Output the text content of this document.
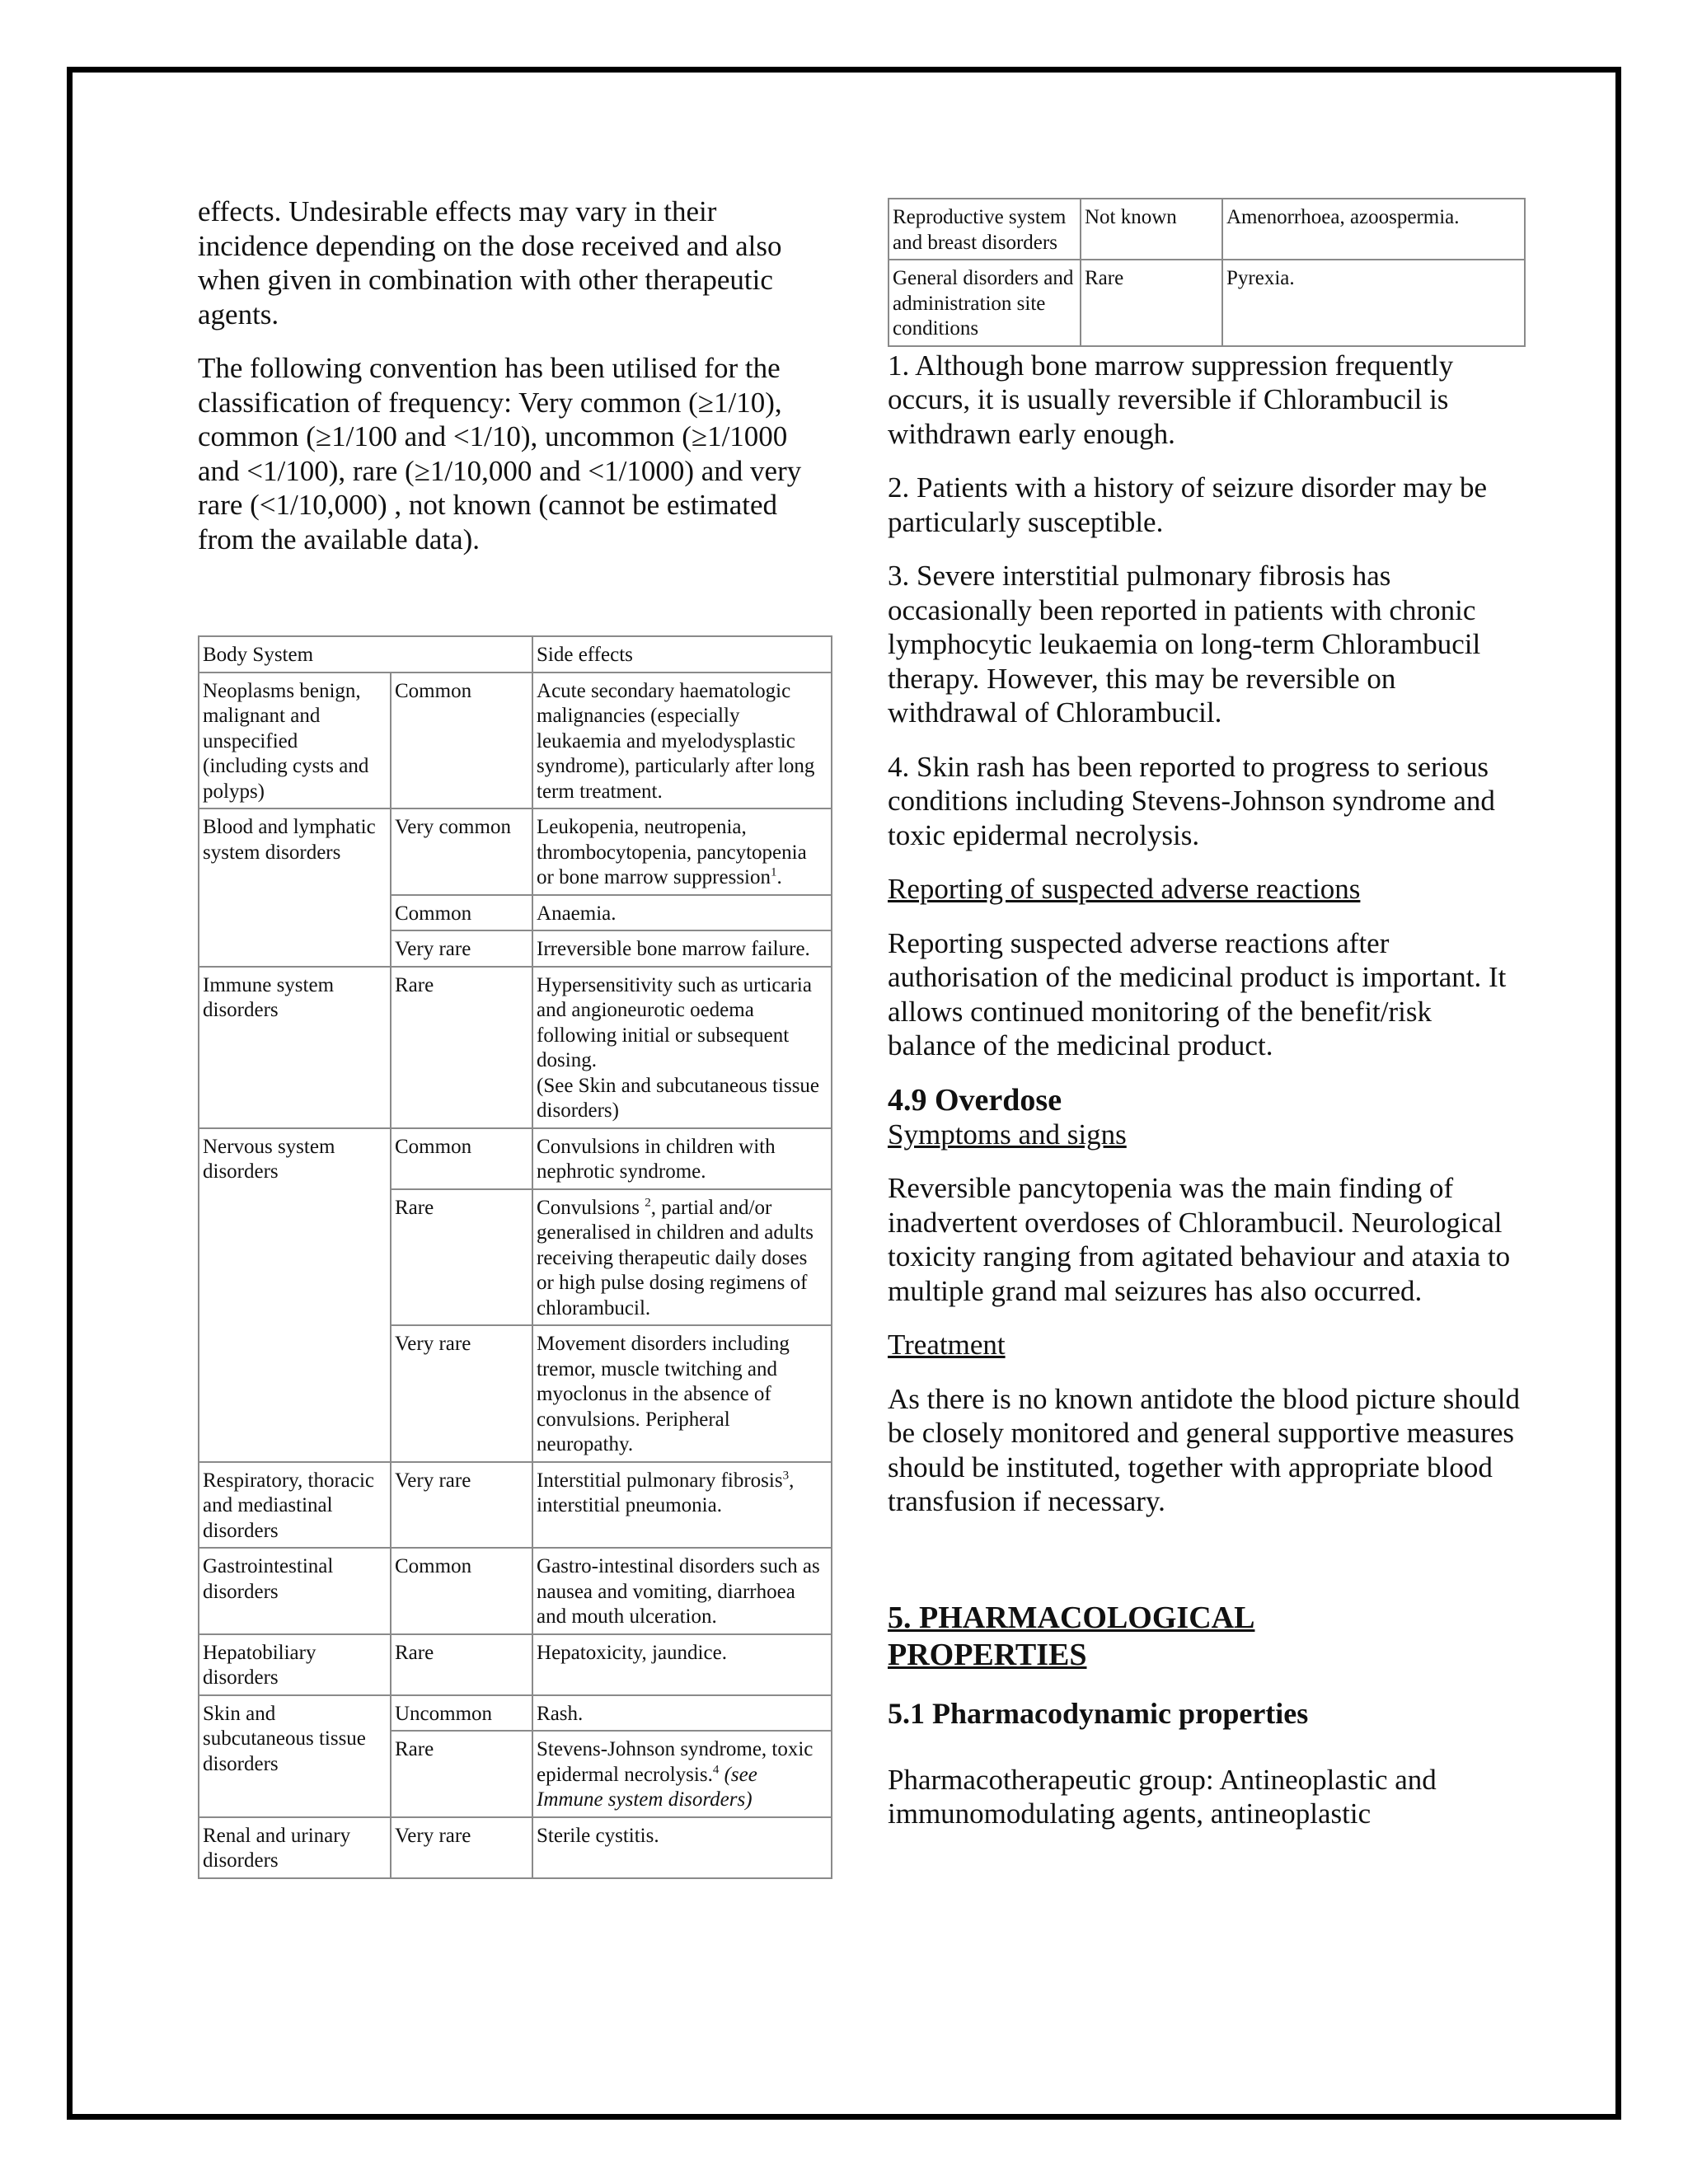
effects. Undesirable effects may vary in their incidence depending on the dose received and also when given in combination with other therapeutic agents.

The following convention has been utilised for the classification of frequency: Very common (≥1/10), common (≥1/100 and <1/10), uncommon (≥1/1000 and <1/100), rare (≥1/10,000 and <1/1000) and very rare (<1/10,000) , not known (cannot be estimated from the available data).

Body System		Side effects
Neoplasms benign, malignant and unspecified (including cysts and polyps)	Common	Acute secondary haematologic malignancies (especially leukaemia and myelodysplastic syndrome), particularly after long term treatment.
Blood and lymphatic system disorders	Very common	Leukopenia, neutropenia, thrombocytopenia, pancytopenia or bone marrow suppression$^1$.
	Common	Anaemia.
	Very rare	Irreversible bone marrow failure.
Immune system disorders	Rare	Hypersensitivity such as urticaria and angioneurotic oedema following initial or subsequent dosing.
(See Skin and subcutaneous tissue disorders)
Nervous system disorders	Common	Convulsions in children with nephrotic syndrome.
	Rare	Convulsions $^2$, partial and/or generalised in children and adults receiving therapeutic daily doses or high pulse dosing regimens of chlorambucil.
	Very rare	Movement disorders including tremor, muscle twitching and myoclonus in the absence of convulsions. Peripheral neuropathy.
Respiratory, thoracic and mediastinal disorders	Very rare	Interstitial pulmonary fibrosis$^3$, interstitial pneumonia.
Gastrointestinal disorders	Common	Gastro-intestinal disorders such as nausea and vomiting, diarrhoea and mouth ulceration.
Hepatobiliary disorders	Rare	Hepatoxicity, jaundice.
Skin and subcutaneous tissue disorders	Uncommon	Rash.
	Rare	Stevens-Johnson syndrome, toxic epidermal necrolysis.$^4$ (see Immune system disorders)
Renal and urinary disorders	Very rare	Sterile cystitis.
Reproductive system and breast disorders	Not known	Amenorrhoea, azoospermia.
General disorders and administration site conditions	Rare	Pyrexia.

1. Although bone marrow suppression frequently occurs, it is usually reversible if Chlorambucil is withdrawn early enough.

2. Patients with a history of seizure disorder may be particularly susceptible.

3. Severe interstitial pulmonary fibrosis has occasionally been reported in patients with chronic lymphocytic leukaemia on long-term Chlorambucil therapy. However, this may be reversible on withdrawal of Chlorambucil.

4. Skin rash has been reported to progress to serious conditions including Stevens-Johnson syndrome and toxic epidermal necrolysis.

Reporting of suspected adverse reactions

Reporting suspected adverse reactions after authorisation of the medicinal product is important. It allows continued monitoring of the benefit/risk balance of the medicinal product.

4.9 Overdose

Symptoms and signs

Reversible pancytopenia was the main finding of inadvertent overdoses of Chlorambucil. Neurological toxicity ranging from agitated behaviour and ataxia to multiple grand mal seizures has also occurred.

Treatment

As there is no known antidote the blood picture should be closely monitored and general supportive measures should be instituted, together with appropriate blood transfusion if necessary.

5. PHARMACOLOGICAL PROPERTIES
5.1 Pharmacodynamic properties

Pharmacotherapeutic group: Antineoplastic and immunomodulating agents, antineoplastic
